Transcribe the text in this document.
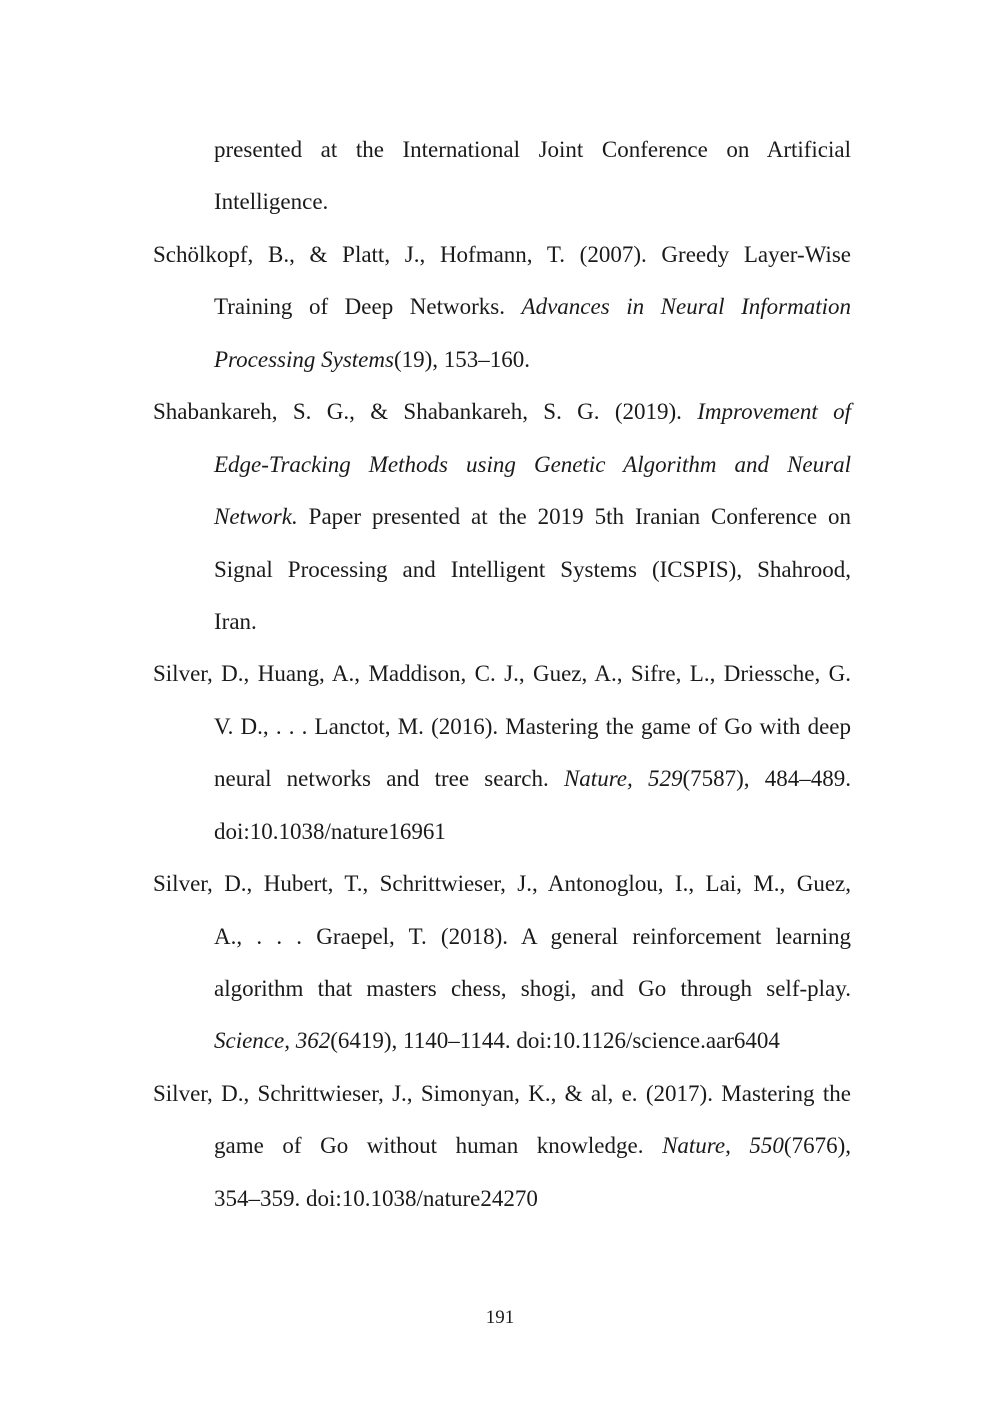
presented at the International Joint Conference on Artificial
Intelligence.
Schölkopf, B., & Platt, J., Hofmann, T. (2007). Greedy Layer-Wise
Training of Deep Networks. Advances in Neural Information
Processing Systems(19), 153–160.
Shabankareh, S. G., & Shabankareh, S. G. (2019). Improvement of
Edge-Tracking Methods using Genetic Algorithm and Neural
Network. Paper presented at the 2019 5th Iranian Conference on
Signal Processing and Intelligent Systems (ICSPIS), Shahrood,
Iran.
Silver, D., Huang, A., Maddison, C. J., Guez, A., Sifre, L., Driessche, G.
V. D., . . . Lanctot, M. (2016). Mastering the game of Go with deep
neural networks and tree search. Nature, 529(7587), 484–489.
doi:10.1038/nature16961
Silver, D., Hubert, T., Schrittwieser, J., Antonoglou, I., Lai, M., Guez,
A., . . . Graepel, T. (2018). A general reinforcement learning
algorithm that masters chess, shogi, and Go through self-play.
Science, 362(6419), 1140–1144. doi:10.1126/science.aar6404
Silver, D., Schrittwieser, J., Simonyan, K., & al, e. (2017). Mastering the
game of Go without human knowledge. Nature, 550(7676),
354–359. doi:10.1038/nature24270
191
